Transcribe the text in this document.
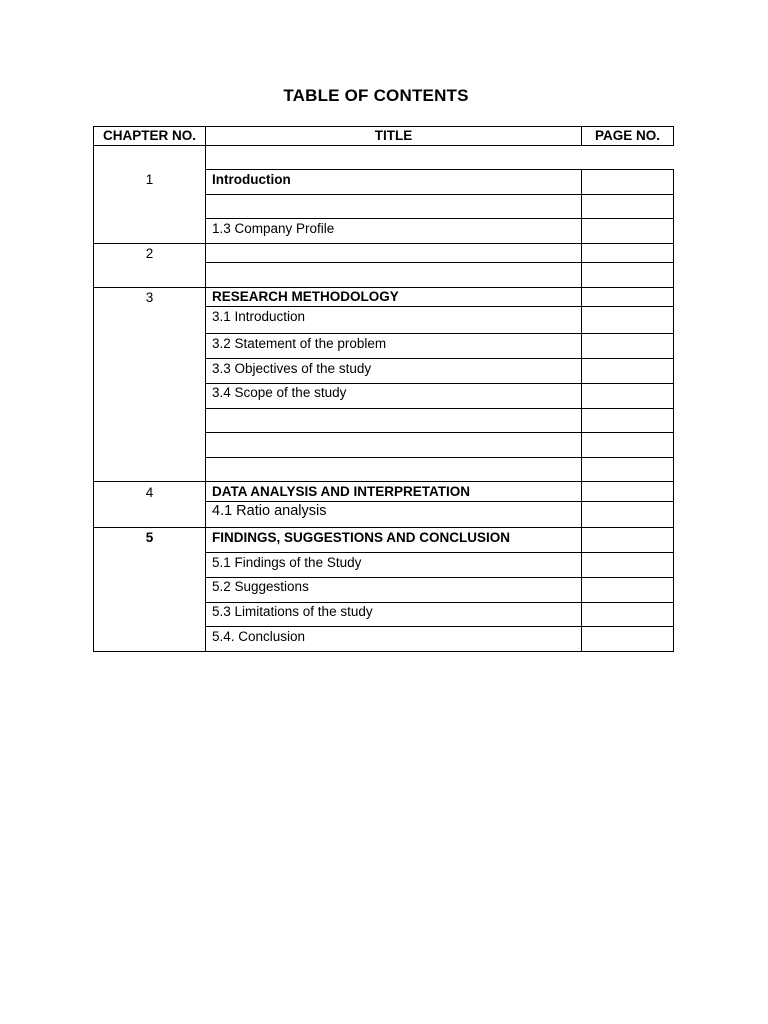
TABLE OF CONTENTS
CHAPTER NO.	TITLE	PAGE NO.
1
2
3
4
5
Introduction
1.3 Company Profile
RESEARCH METHODOLOGY
3.1 Introduction
3.2 Statement of the problem
3.3 Objectives of the study
3.4 Scope of the study
DATA ANALYSIS AND INTERPRETATION
4.1 Ratio analysis
FINDINGS, SUGGESTIONS AND CONCLUSION
5.1 Findings of the Study
5.2 Suggestions
5.3 Limitations of the study
5.4. Conclusion
